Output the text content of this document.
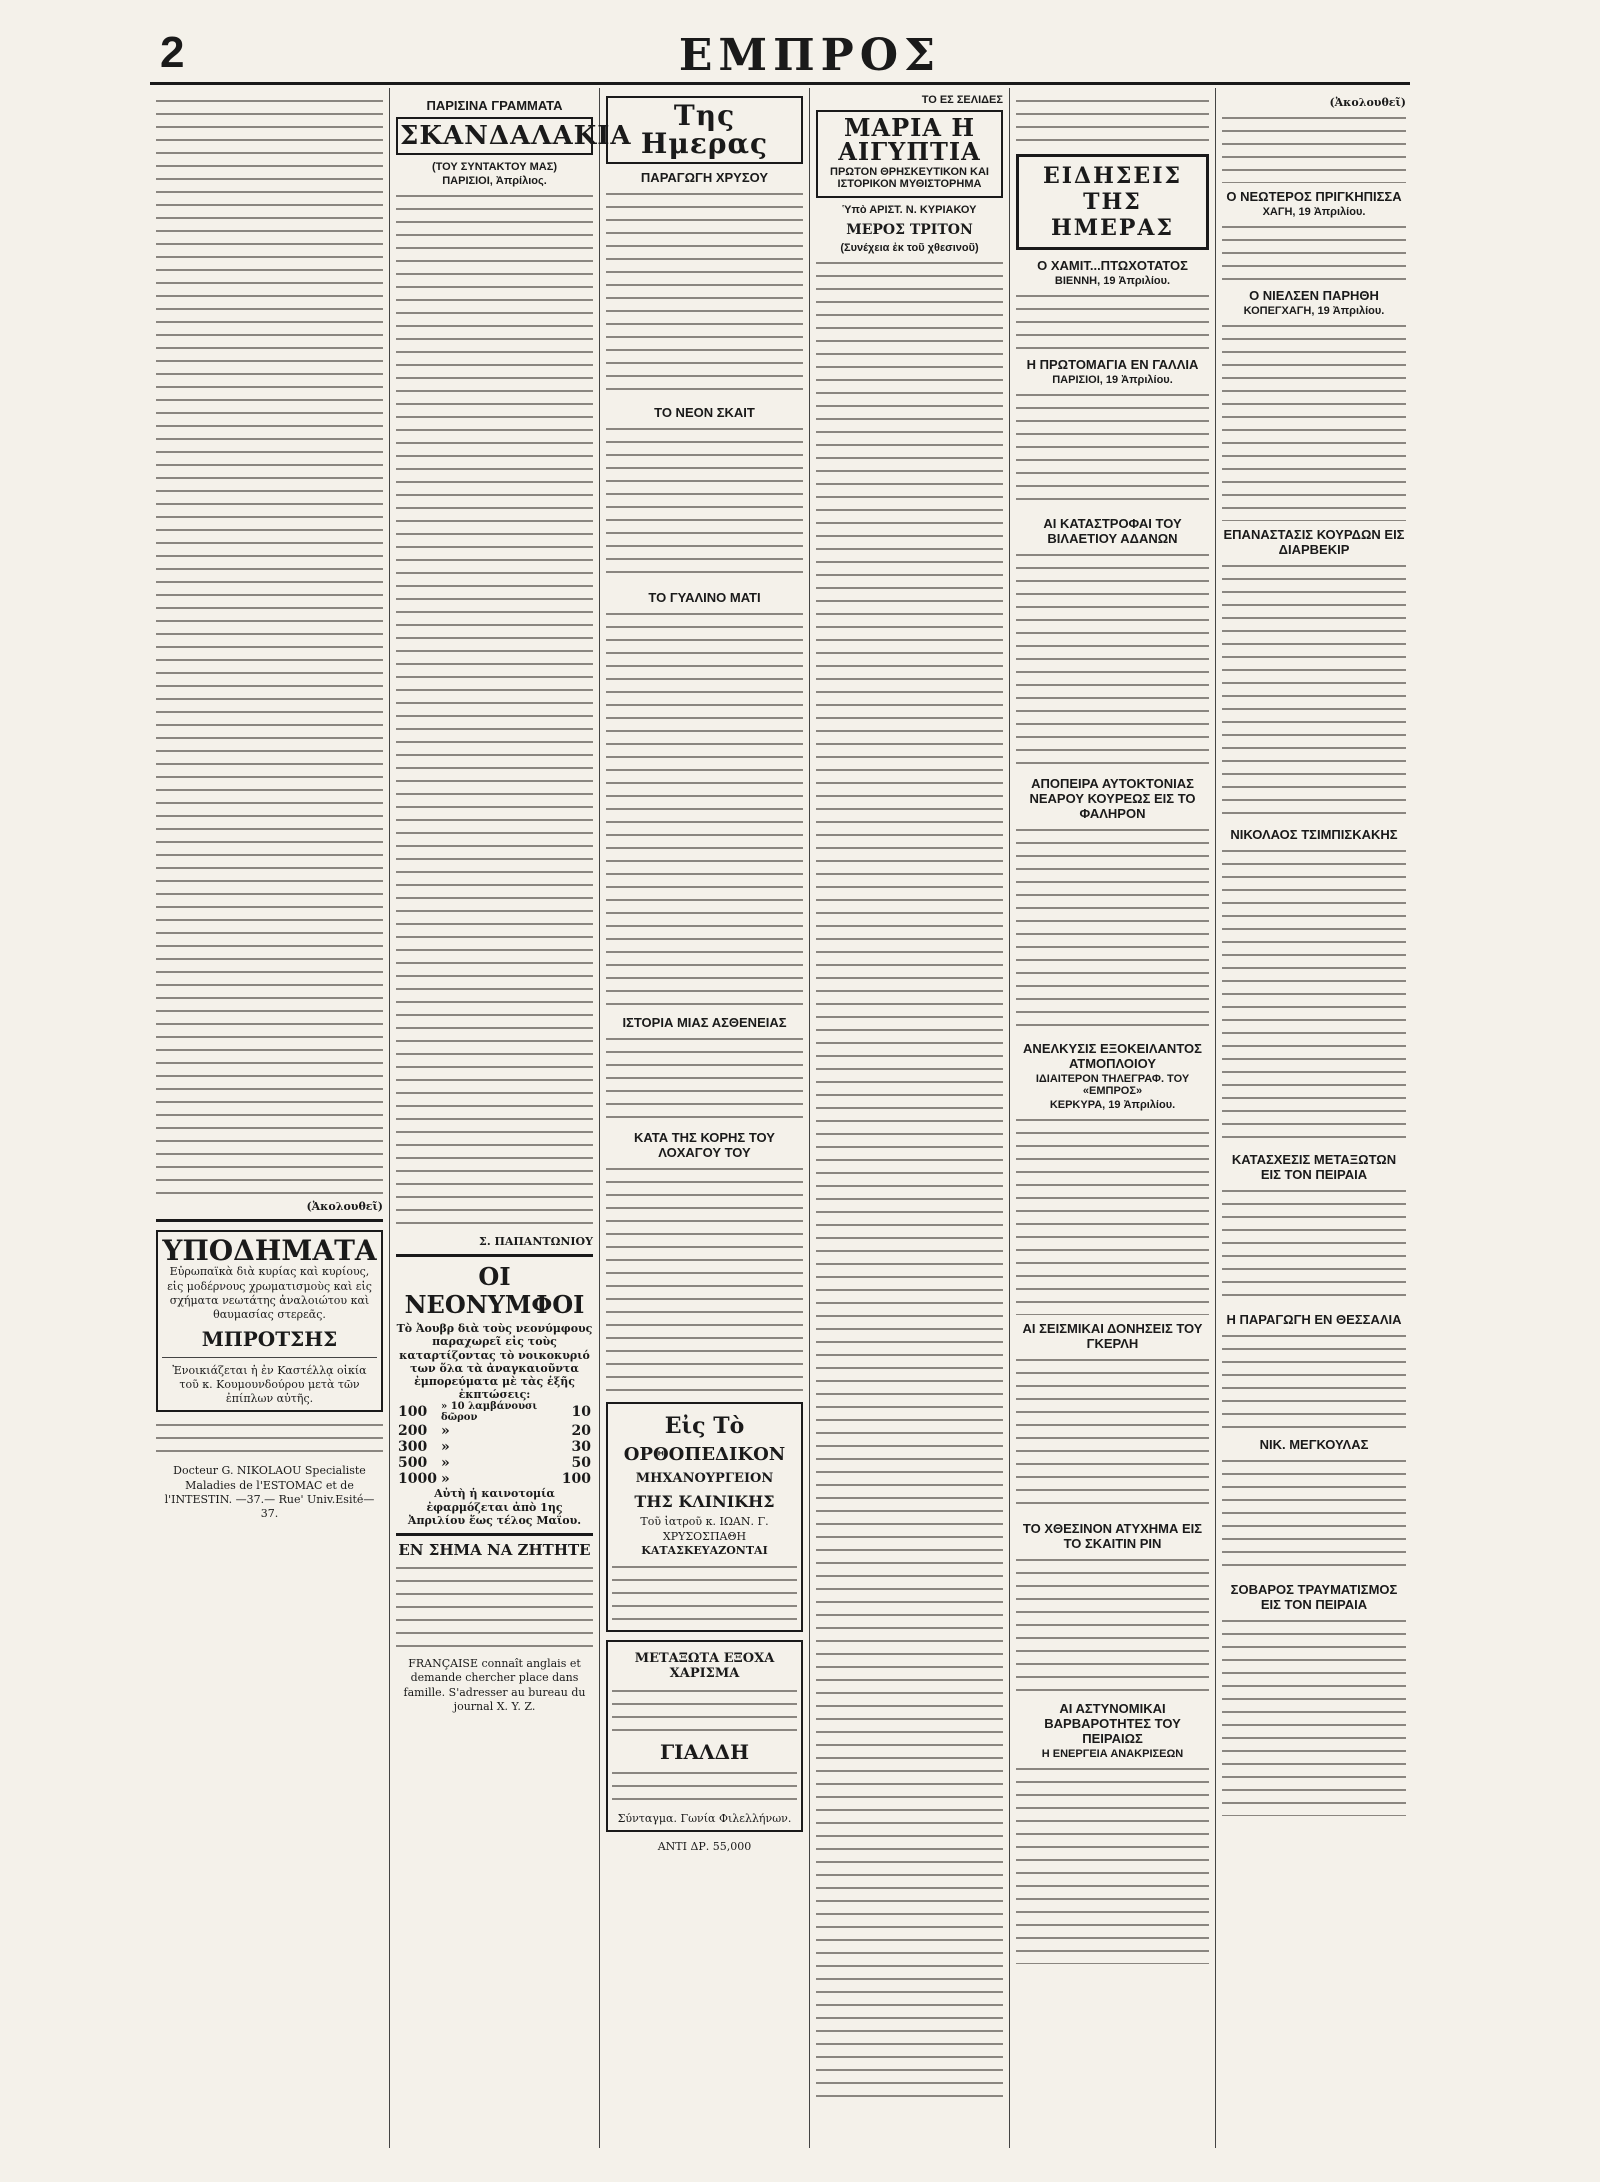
2	ΕΜΠΡΟΣ
(Ἀκολουθεῖ)
ΥΠΟΔΗΜΑΤΑ
Εὐρωπαϊκὰ διὰ κυρίας καὶ κυρίους, εἰς μοδέρνους χρωματισμοὺς καὶ εἰς σχήματα νεωτάτης ἀναλοιώτου καὶ θαυμασίας στερεᾶς.
ΜΠΡΟΤΣΗΣ
Ἐνοικιάζεται ἡ ἐν Καστέλλᾳ οἰκία τοῦ κ. Κουμουνδούρου μετὰ τῶν ἐπίπλων αὐτῆς.
Docteur G. NIKOLAOU Specialiste Maladies de l'ESTOMAC et de l'INTESTIN. —37.— Rue' Univ.Esité—37.
ΠΑΡΙΣΙΝΑ ΓΡΑΜΜΑΤΑ
ΣΚΑΝΔΑΛΑΚΙΑ
(ΤΟΥ ΣΥΝΤΑΚΤΟΥ ΜΑΣ)
ΠΑΡΙΣΙΟΙ, Ἀπρίλιος.
Σ. ΠΑΠΑΝΤΩΝΙΟΥ
ΟΙ ΝΕΟΝΥΜΦΟΙ
Τὸ Ἀουβρ διὰ τοὺς νεονύμφους παραχωρεῖ εἰς τοὺς καταρτίζοντας τὸ νοικοκυριό των ὅλα τὰ ἀναγκαιοῦντα ἐμπορεύματα μὲ τὰς ἑξῆς ἐκπτώσεις:
100	» 10 λαμβάνουσι δῶρον	10
200	»	20
300	»	30
500	»	50
1000	»	100
Αὐτὴ ἡ καινοτομία ἐφαρμόζεται ἀπὸ 1ης Ἀπριλίου ἕως τέλος Μαΐου.
ΕΝ ΣΗΜΑ ΝΑ ΖΗΤΗΤΕ
FRANÇAISE connaît anglais et demande chercher place dans famille. S'adresser au bureau du journal X. Y. Z.
Της Ημερας
ΠΑΡΑΓΩΓΗ ΧΡΥΣΟΥ
ΤΟ ΝΕΟΝ ΣΚΑΙΤ
ΤΟ ΓΥΑΛΙΝΟ ΜΑΤΙ
ΙΣΤΟΡΙΑ ΜΙΑΣ ΑΣΘΕΝΕΙΑΣ
ΚΑΤΑ ΤΗΣ ΚΟΡΗΣ ΤΟΥ ΛΟΧΑΓΟΥ ΤΟΥ
Εἰς Τὸ
ΟΡΘΟΠΕΔΙΚΟΝ
ΜΗΧΑΝΟΥΡΓΕΙΟΝ
ΤΗΣ ΚΛΙΝΙΚΗΣ
Τοῦ ἰατροῦ κ. ΙΩΑΝ. Γ. ΧΡΥΣΟΣΠΑΘΗ
ΚΑΤΑΣΚΕΥΑΖΟΝΤΑΙ
ΜΕΤΑΞΩΤΑ ΕΞΟΧΑ ΧΑΡΙΣΜΑ
ΓΙΑΛΔΗ
Σύνταγμα. Γωνία Φιλελλήνων.
ΑΝΤΙ ΔΡ. 55,000
ΤΟ ΕΣ ΣΕΛΙΔΕΣ
ΜΑΡΙΑ Η ΑΙΓΥΠΤΙΑ
ΠΡΩΤΟΝ ΘΡΗΣΚΕΥΤΙΚΟΝ ΚΑΙ ΙΣΤΟΡΙΚΟΝ ΜΥΘΙΣΤΟΡΗΜΑ
Ὑπὸ ΑΡΙΣΤ. Ν. ΚΥΡΙΑΚΟΥ
ΜΕΡΟΣ ΤΡΙΤΟΝ
(Συνέχεια ἐκ τοῦ χθεσινοῦ)
ΕΙΔΗΣΕΙΣ ΤΗΣ ΗΜΕΡΑΣ
Ο ΧΑΜΙΤ...ΠΤΩΧΟΤΑΤΟΣ
ΒΙΕΝΝΗ, 19 Ἀπριλίου.
Η ΠΡΩΤΟΜΑΓΙΑ ΕΝ ΓΑΛΛΙΑ
ΠΑΡΙΣΙΟΙ, 19 Ἀπριλίου.
ΑΙ ΚΑΤΑΣΤΡΟΦΑΙ ΤΟΥ ΒΙΛΑΕΤΙΟΥ ΑΔΑΝΩΝ
ΑΠΟΠΕΙΡΑ ΑΥΤΟΚΤΟΝΙΑΣ ΝΕΑΡΟΥ ΚΟΥΡΕΩΣ ΕΙΣ ΤΟ ΦΑΛΗΡΟΝ
ΑΝΕΛΚΥΣΙΣ ΕΞΟΚΕΙΛΑΝΤΟΣ ΑΤΜΟΠΛΟΙΟΥ
ΙΔΙΑΙΤΕΡΟΝ ΤΗΛΕΓΡΑΦ. ΤΟΥ «ΕΜΠΡΟΣ»
ΚΕΡΚΥΡΑ, 19 Ἀπριλίου.
ΑΙ ΣΕΙΣΜΙΚΑΙ ΔΟΝΗΣΕΙΣ ΤΟΥ ΓΚΕΡΛΗ
ΤΟ ΧΘΕΣΙΝΟΝ ΑΤΥΧΗΜΑ ΕΙΣ ΤΟ ΣΚΑΙΤΙΝ ΡΙΝ
ΑΙ ΑΣΤΥΝΟΜΙΚΑΙ ΒΑΡΒΑΡΟΤΗΤΕΣ ΤΟΥ ΠΕΙΡΑΙΩΣ
Η ΕΝΕΡΓΕΙΑ ΑΝΑΚΡΙΣΕΩΝ
(Ἀκολουθεῖ)
Ο ΝΕΩΤΕΡΟΣ ΠΡΙΓΚΗΠΙΣΣΑ
ΧΑΓΗ, 19 Ἀπριλίου.
Ο ΝΙΕΛΣΕΝ ΠΑΡΗΘΗ
ΚΟΠΕΓΧΑΓΗ, 19 Ἀπριλίου.
ΕΠΑΝΑΣΤΑΣΙΣ ΚΟΥΡΔΩΝ ΕΙΣ ΔΙΑΡΒΕΚΙΡ
ΝΙΚΟΛΑΟΣ ΤΣΙΜΠΙΣΚΑΚΗΣ
ΚΑΤΑΣΧΕΣΙΣ ΜΕΤΑΞΩΤΩΝ ΕΙΣ ΤΟΝ ΠΕΙΡΑΙΑ
Η ΠΑΡΑΓΩΓΗ ΕΝ ΘΕΣΣΑΛΙΑ
ΝΙΚ. ΜΕΓΚΟΥΛΑΣ
ΣΟΒΑΡΟΣ ΤΡΑΥΜΑΤΙΣΜΟΣ ΕΙΣ ΤΟΝ ΠΕΙΡΑΙΑ
